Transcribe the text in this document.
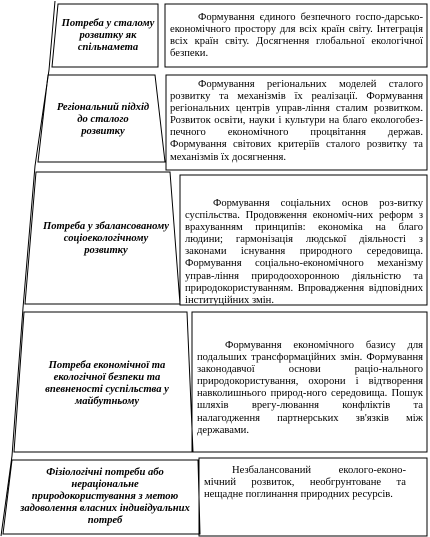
Потреба у сталому розвитку як спільнамета
Формування єдиного безпечного госпо-дарсько-економічного простору для всіх країн світу. Інтеграція всіх країн світу. Досягнення глобальної екологічної безпеки.
Регіональний підхід до сталого розвитку
Формування регіональних моделей сталого розвитку та механізмів їх реалізації. Формування регіональних центрів управ-ління сталим розвитком. Розвиток освіти, науки і культури на благо екологобез-печного економічного процвітання держав. Формування світових критеріїв сталого розвитку та механізмів їх досягнення.
Потреба у збалансованому соціоекологічному розвитку
Формування соціальних основ роз-витку суспільства. Продовження економіч-них реформ з врахуванням принципів: економіка на благо людини; гармонізація людської діяльності з законами існування природного середовища. Формування соціально-економічного механізму управ-ління природоохоронною діяльністю та природокористуванням. Впровадження відповідних інституційних змін.
Потреба економічної та екологічної безпеки та впевненості суспільства у майбутньому
Формування економічного базису для подальших трансформаційних змін. Формування законодавчої основи раціо-нального природокористування, охорони і відтворення навколишнього природ-ного середовища. Пошук шляхів врегу-лювання конфліктів та налагодження партнерських зв'язків між державами.
Фізіологічні потреби або нераціональне природокористування з метою задоволення власних індивідуальних потреб
Незбалансований екологo-еконо-мічний розвиток, необгрунтоване та нещадне поглинання природних ресурсів.
